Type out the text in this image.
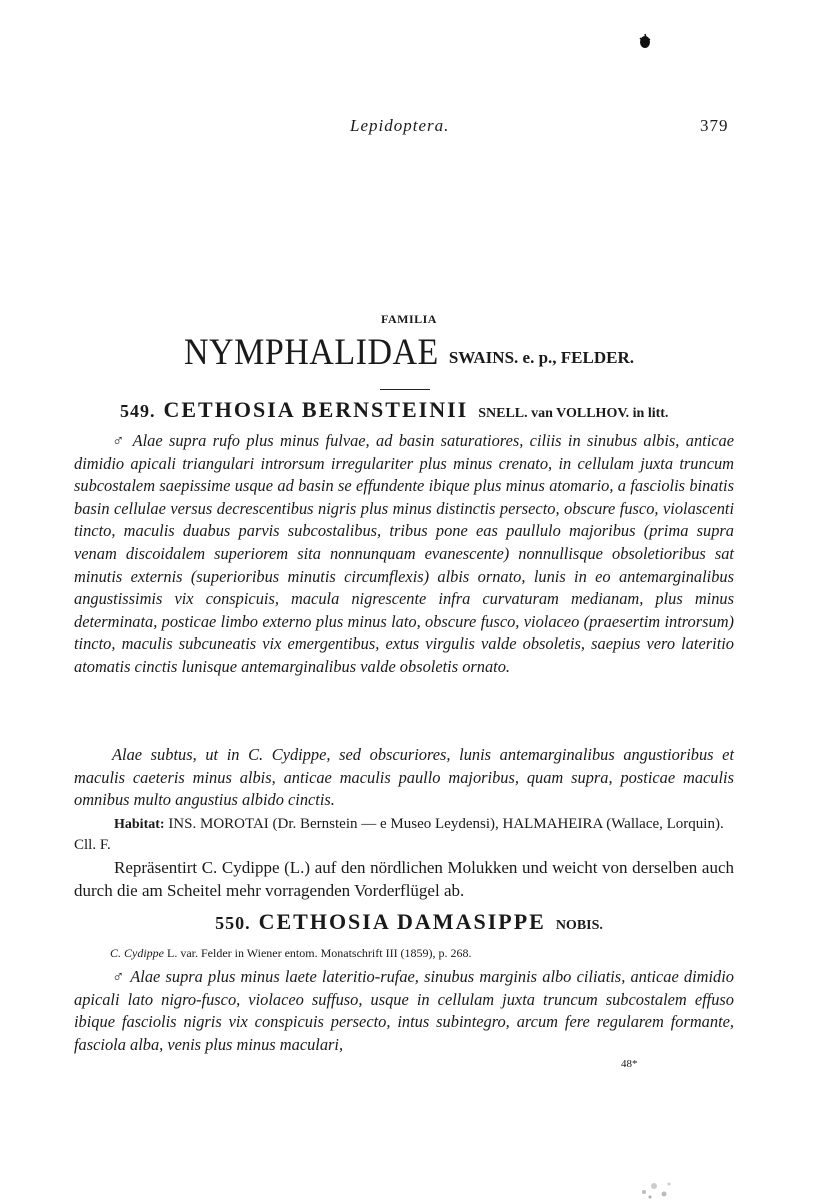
Lepidoptera.	379
FAMILIA
NYMPHALIDAE SWAINS. e. p., FELDER.
549. CETHOSIA BERNSTEINII SNELL. van VOLLHOV. in litt.
♂ Alae supra rufo plus minus fulvae, ad basin saturatiores, ciliis in sinubus albis, anticae dimidio apicali triangulari introrsum irregulariter plus minus crenato, in cellulam juxta truncum subcostalem saepissime usque ad basin se effundente ibique plus minus atomario, a fasciolis binatis basin cellulae versus decrescentibus nigris plus minus distinctis persecto, obscure fusco, violascenti tincto, maculis duabus parvis subcostalibus, tribus pone eas paullulo majoribus (prima supra venam discoidalem superiorem sita nonnunquam evanescente) nonnullisque obsoletioribus sat minutis externis (superioribus minutis circumflexis) albis ornato, lunis in eo antemarginalibus angustissimis vix conspicuis, macula nigrescente infra curvaturam medianam, plus minus determinata, posticae limbo externo plus minus lato, obscure fusco, violaceo (praesertim introrsum) tincto, maculis subcuneatis vix emergentibus, extus virgulis valde obsoletis, saepius vero lateritio atomatis cinctis lunisque antemarginalibus valde obsoletis ornato.
Alae subtus, ut in C. Cydippe, sed obscuriores, lunis antemarginalibus angustioribus et maculis caeteris minus albis, anticae maculis paullo majoribus, quam supra, posticae maculis omnibus multo angustius albido cinctis.
Habitat: INS. MOROTAI (Dr. Bernstein — e Museo Leydensi), HALMAHEIRA (Wallace, Lorquin). Cll. F.
Repräsentirt C. Cydippe (L.) auf den nördlichen Molukken und weicht von derselben auch durch die am Scheitel mehr vorragenden Vorderflügel ab.
550. CETHOSIA DAMASIPPE NOBIS.
C. Cydippe L. var. Felder in Wiener entom. Monatschrift III (1859), p. 268.
♂ Alae supra plus minus laete lateritio-rufae, sinubus marginis albo ciliatis, anticae dimidio apicali lato nigro-fusco, violaceo suffuso, usque in cellulam juxta truncum subcostalem effuso ibique fasciolis nigris vix conspicuis persecto, intus subintegro, arcum fere regularem formante, fasciola alba, venis plus minus maculari,
48*
